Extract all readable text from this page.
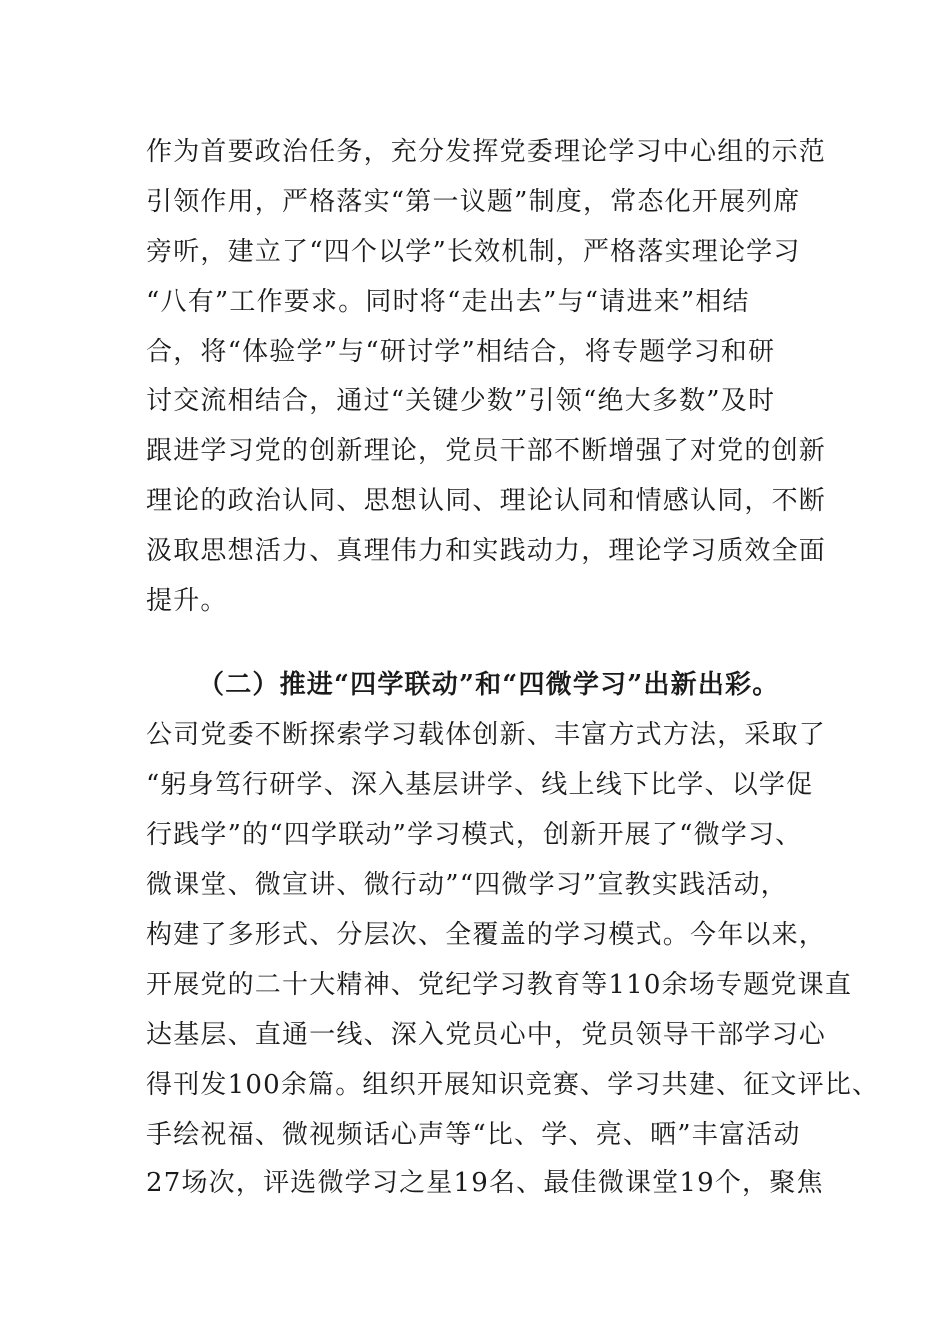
作为首要政治任务，充分发挥党委理论学习中心组的示范
引领作用，严格落实“第一议题”制度，常态化开展列席
旁听，建立了“四个以学”长效机制，严格落实理论学习
“八有”工作要求。同时将“走出去”与“请进来”相结
合，将“体验学”与“研讨学”相结合，将专题学习和研
讨交流相结合，通过“关键少数”引领“绝大多数”及时
跟进学习党的创新理论，党员干部不断增强了对党的创新
理论的政治认同、思想认同、理论认同和情感认同，不断
汲取思想活力、真理伟力和实践动力，理论学习质效全面
提升。
（二）推进“四学联动”和“四微学习”出新出彩。
公司党委不断探索学习载体创新、丰富方式方法，采取了
“躬身笃行研学、深入基层讲学、线上线下比学、以学促
行践学”的“四学联动”学习模式，创新开展了“微学习、
微课堂、微宣讲、微行动”“四微学习”宣教实践活动，
构建了多形式、分层次、全覆盖的学习模式。今年以来，
开展党的二十大精神、党纪学习教育等110余场专题党课直
达基层、直通一线、深入党员心中，党员领导干部学习心
得刊发100余篇。组织开展知识竞赛、学习共建、征文评比、
手绘祝福、微视频话心声等“比、学、亮、晒”丰富活动
27场次，评选微学习之星19名、最佳微课堂19个，聚焦
